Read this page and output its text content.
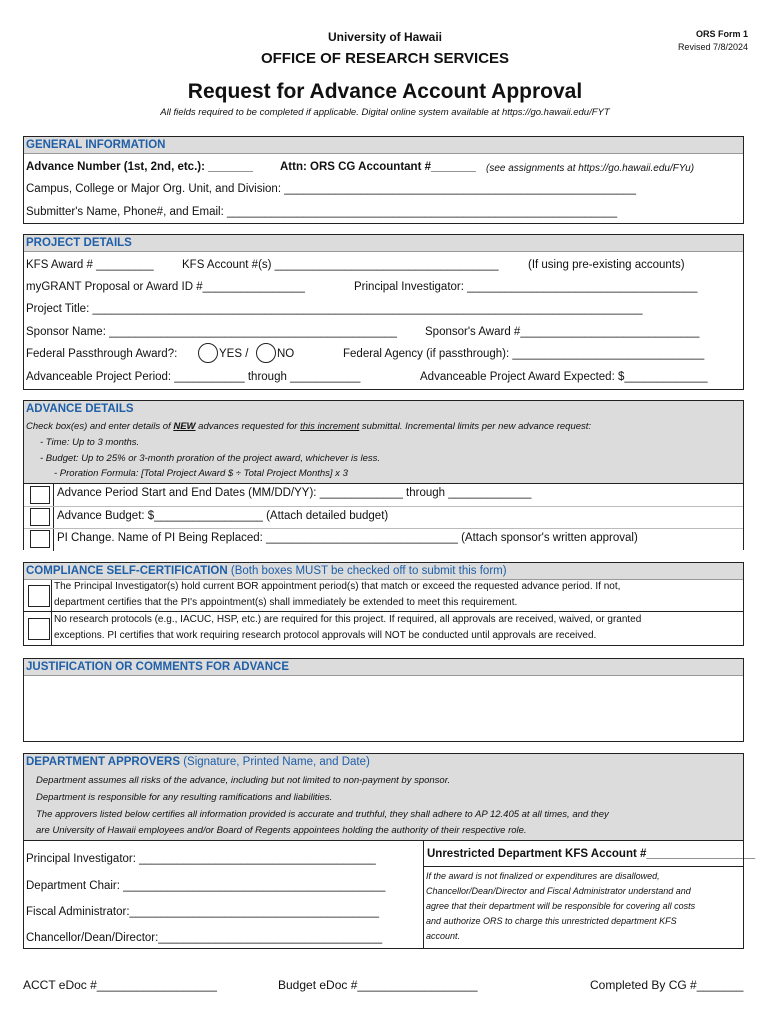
University of Hawaii
OFFICE OF RESEARCH SERVICES
ORS Form 1
Revised 7/8/2024
Request for Advance Account Approval
All fields required to be completed if applicable. Digital online system available at https://go.hawaii.edu/FYT
GENERAL INFORMATION
Advance Number (1st, 2nd, etc.): _______ Attn: ORS CG Accountant #_______ (see assignments at https://go.hawaii.edu/FYu)
Campus, College or Major Org. Unit, and Division: _______________________________________________________
Submitter's Name, Phone#, and Email: _____________________________________________________________
PROJECT DETAILS
KFS Award # _________ KFS Account #(s) ___________________________________	(If using pre-existing accounts)
myGRANT Proposal or Award ID #________________	Principal Investigator: ____________________________________
Project Title: ______________________________________________________________________________________
Sponsor Name: _____________________________________________ Sponsor's Award #____________________________
Federal Passthrough Award?:	YES / NO	Federal Agency (if passthrough): ______________________________
Advanceable Project Period: ___________ through ___________	Advanceable Project Award Expected: $_____________
ADVANCE DETAILS
Check box(es) and enter details of NEW advances requested for this increment submittal. Incremental limits per new advance request:
- Time: Up to 3 months.
- Budget: Up to 25% or 3-month proration of the project award, whichever is less.
- Proration Formula: [Total Project Award $ ÷ Total Project Months] x 3
Advance Period Start and End Dates (MM/DD/YY): _____________ through _____________
Advance Budget: $_________________ (Attach detailed budget)
PI Change. Name of PI Being Replaced: ______________________________ (Attach sponsor's written approval)
COMPLIANCE SELF-CERTIFICATION (Both boxes MUST be checked off to submit this form)
The Principal Investigator(s) hold current BOR appointment period(s) that match or exceed the requested advance period. If not,
department certifies that the PI's appointment(s) shall immediately be extended to meet this requirement.
No research protocols (e.g., IACUC, HSP, etc.) are required for this project. If required, all approvals are received, waived, or granted
exceptions. PI certifies that work requiring research protocol approvals will NOT be conducted until approvals are received.
JUSTIFICATION OR COMMENTS FOR ADVANCE
DEPARTMENT APPROVERS (Signature, Printed Name, and Date)
Department assumes all risks of the advance, including but not limited to non-payment by sponsor.
Department is responsible for any resulting ramifications and liabilities.
The approvers listed below certifies all information provided is accurate and truthful, they shall adhere to AP 12.405 at all times, and they
are University of Hawaii employees and/or Board of Regents appointees holding the authority of their respective role.
Principal Investigator: _____________________________________
Department Chair: _________________________________________
Fiscal Administrator:_______________________________________
Chancellor/Dean/Director:___________________________________
Unrestricted Department KFS Account #_________________
If the award is not finalized or expenditures are disallowed,
Chancellor/Dean/Director and Fiscal Administrator understand and
agree that their department will be responsible for covering all costs
and authorize ORS to charge this unrestricted department KFS
account.
ACCT eDoc #__________________	Budget eDoc #__________________	Completed By CG #_______
